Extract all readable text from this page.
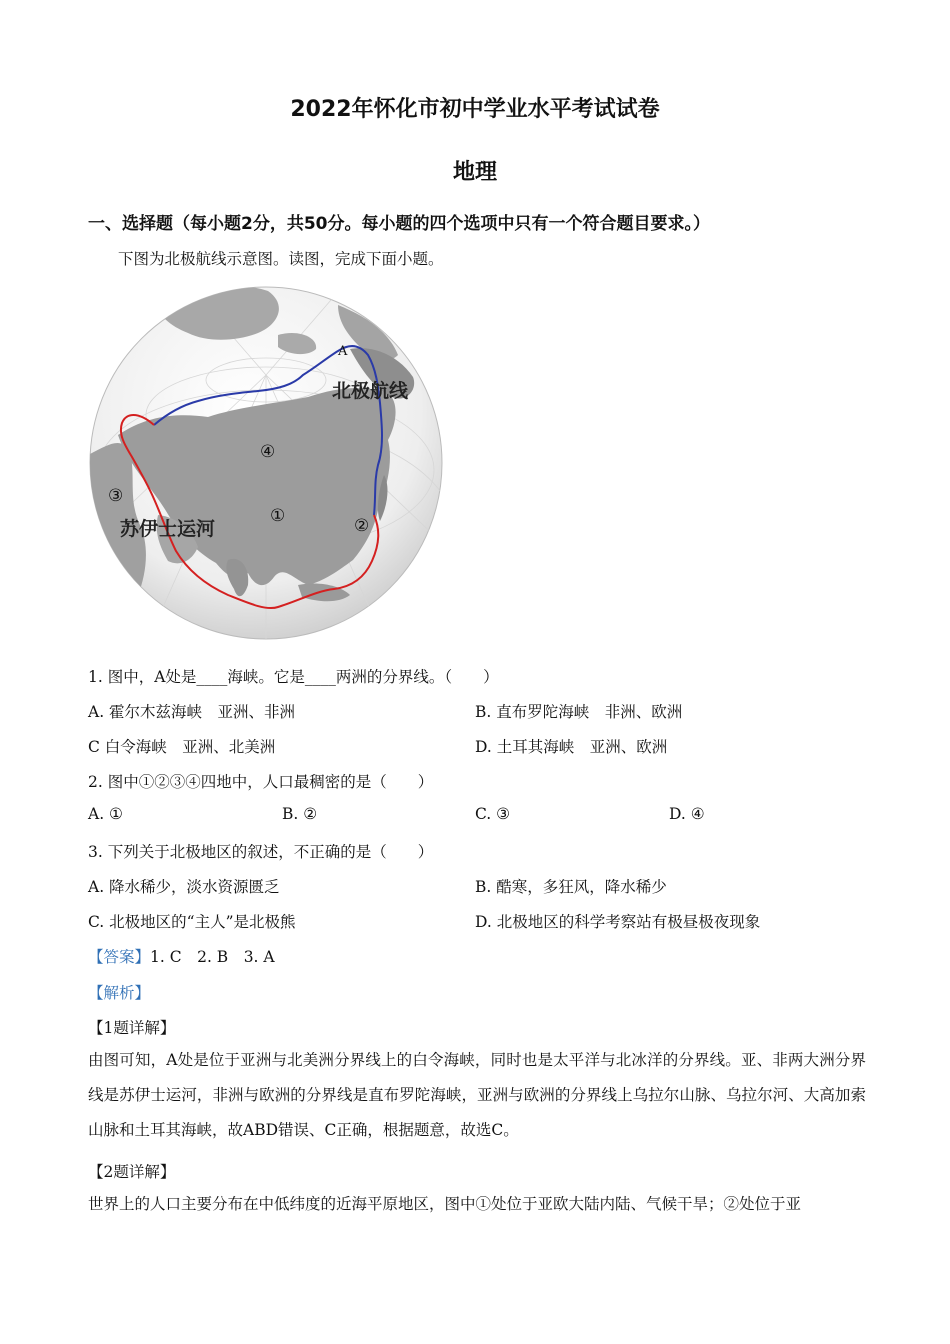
2022年怀化市初中学业水平考试试卷
地理
一、选择题（每小题2分，共50分。每小题的四个选项中只有一个符合题目要求。）
下图为北极航线示意图。读图，完成下面小题。
A
北极航线
苏伊士运河
①	②
③
④
1. 图中，A处是____海峡。它是____两洲的分界线。（　　）
A. 霍尔木兹海峡　亚洲、非洲	B. 直布罗陀海峡　非洲、欧洲
C 白令海峡　亚洲、北美洲	D. 土耳其海峡　亚洲、欧洲
2. 图中①②③④四地中，人口最稠密的是（　　）
A. ①	B. ②	C. ③	D. ④
3. 下列关于北极地区的叙述，不正确的是（　　）
A. 降水稀少，淡水资源匮乏	B. 酷寒，多狂风，降水稀少
C. 北极地区的“主人”是北极熊	D. 北极地区的科学考察站有极昼极夜现象
【答案】1. C　2. B　3. A
【解析】
【1题详解】
由图可知，A处是位于亚洲与北美洲分界线上的白令海峡，同时也是太平洋与北冰洋的分界线。亚、非两大洲分界线是苏伊士运河，非洲与欧洲的分界线是直布罗陀海峡，亚洲与欧洲的分界线上乌拉尔山脉、乌拉尔河、大高加索山脉和土耳其海峡，故ABD错误、C正确，根据题意，故选C。
【2题详解】
世界上的人口主要分布在中低纬度的近海平原地区，图中①处位于亚欧大陆内陆、气候干旱；②处位于亚
